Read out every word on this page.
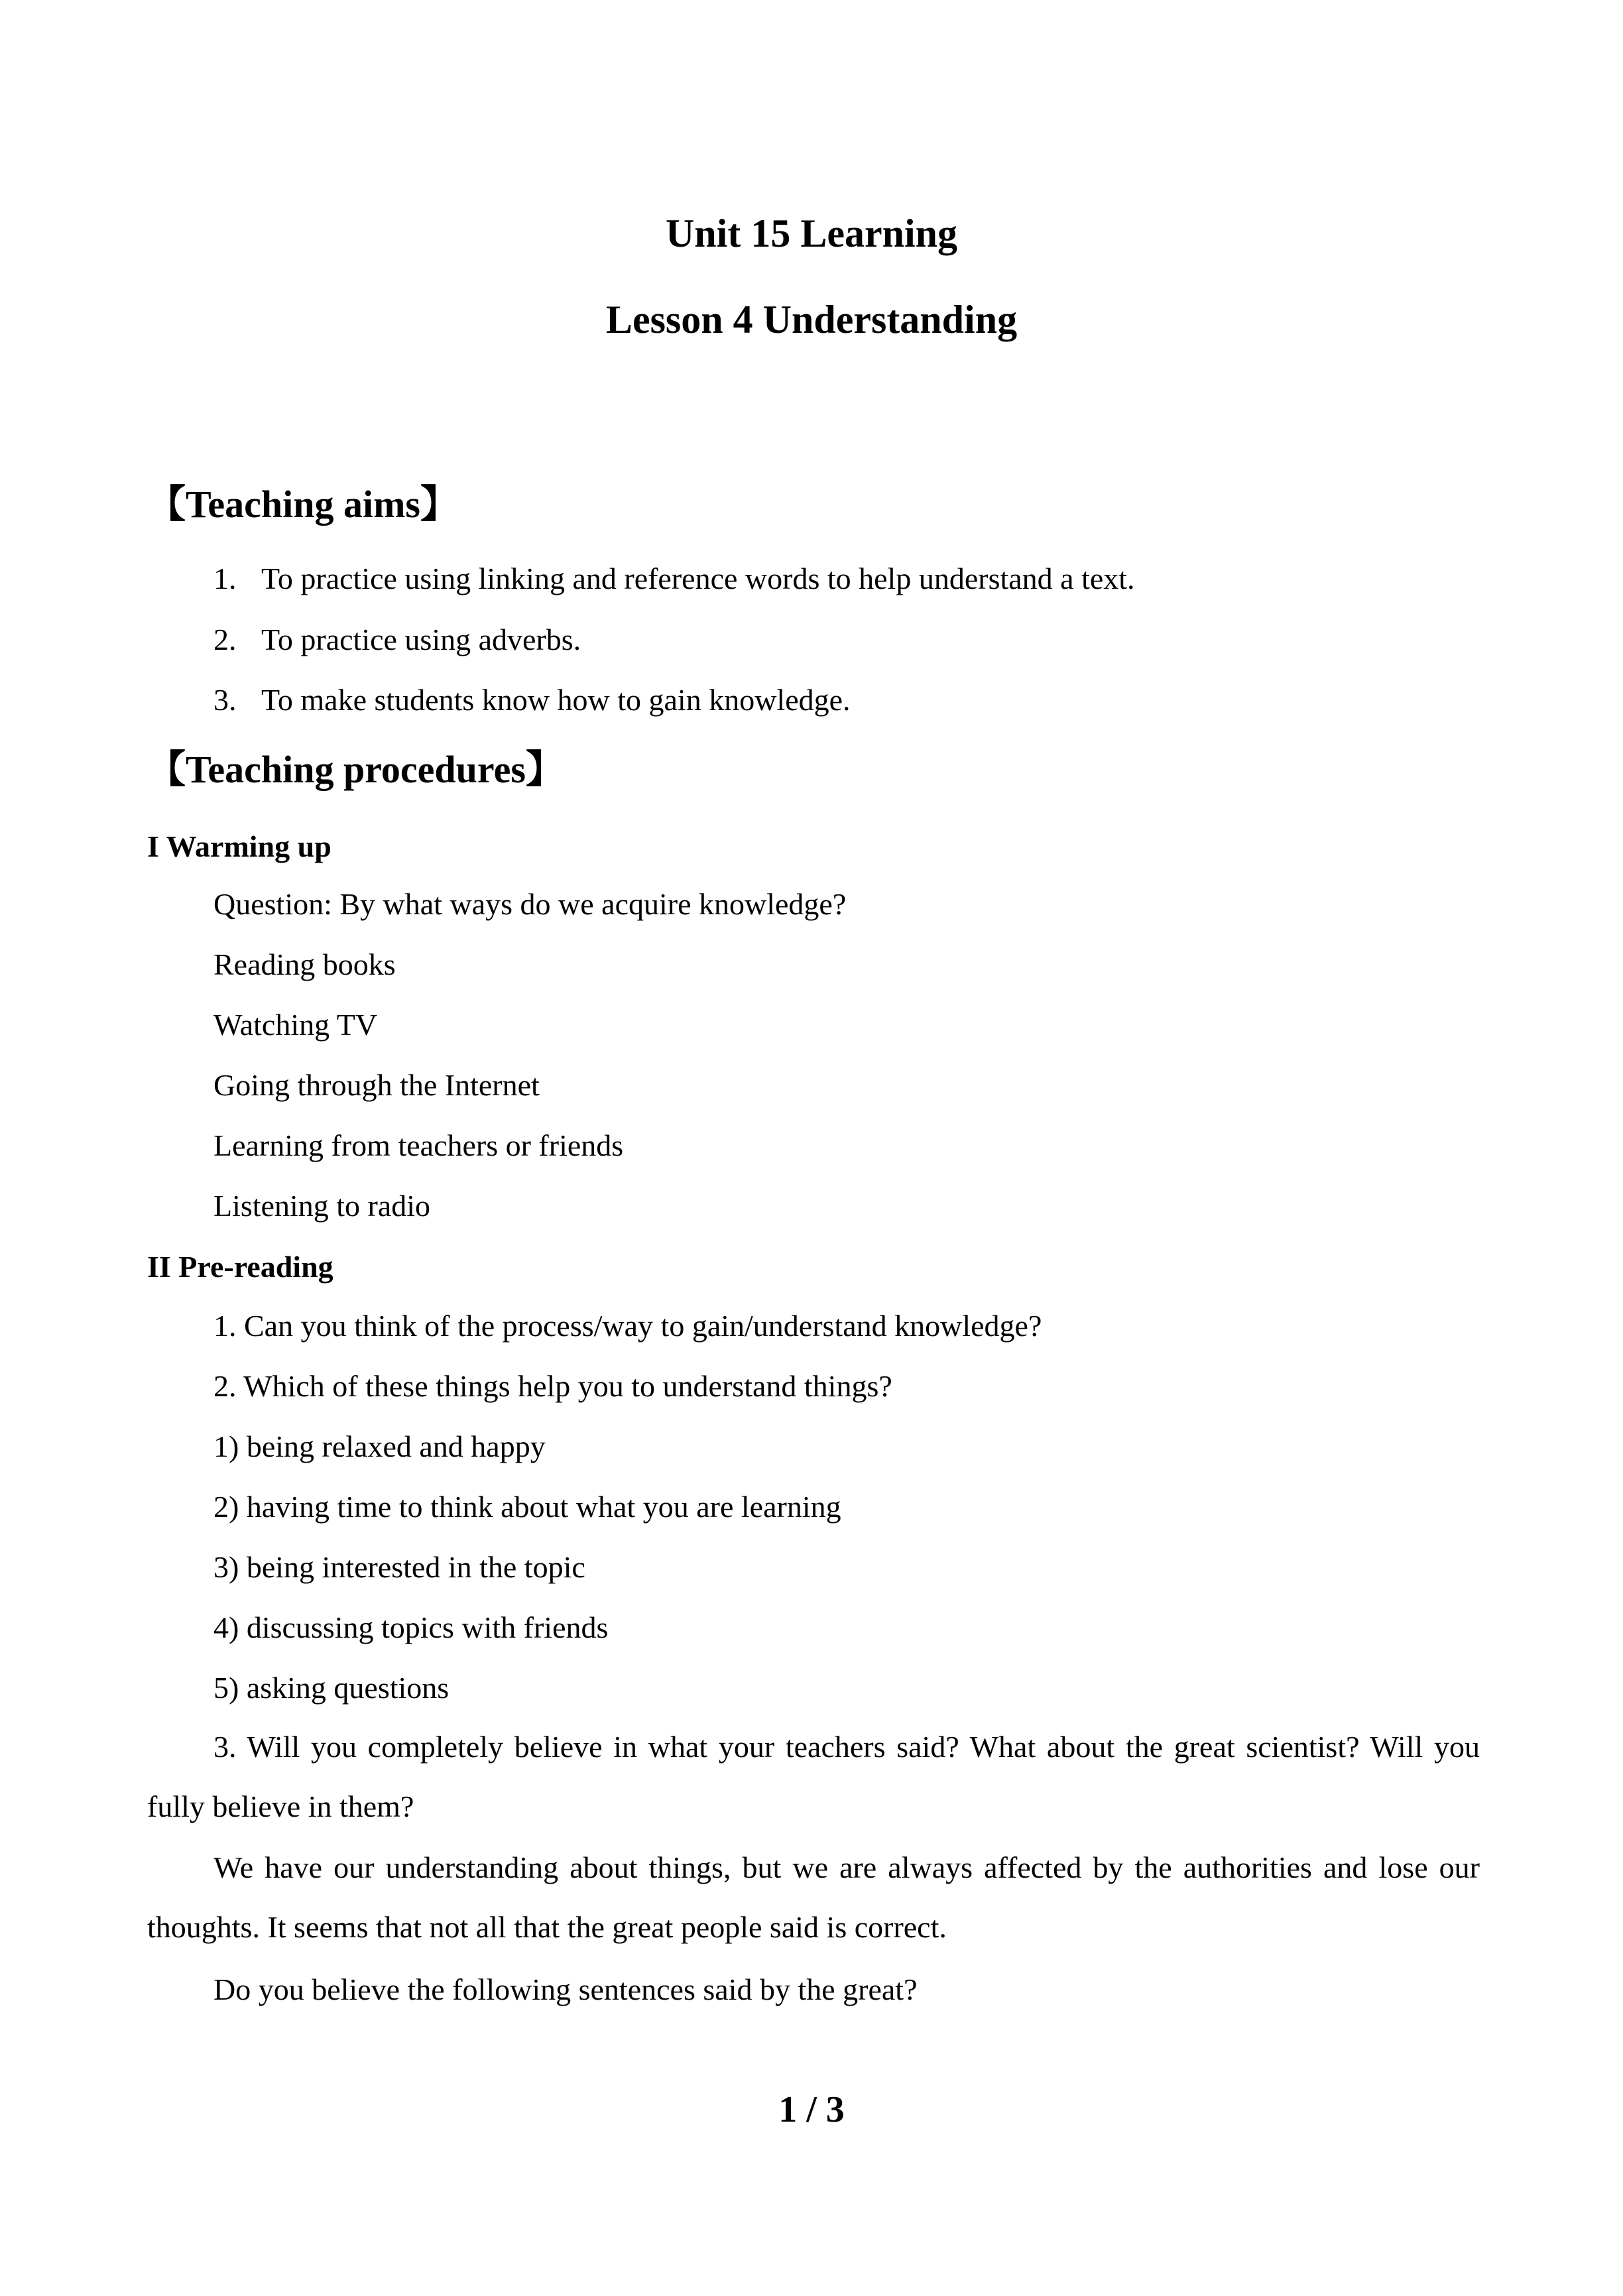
Unit 15 Learning
Lesson 4 Understanding
【Teaching aims】

1. To practice using linking and reference words to help understand a text.

2. To practice using adverbs.

3. To make students know how to gain knowledge.

【Teaching procedures】
I Warming up

Question: By what ways do we acquire knowledge?

Reading books

Watching TV

Going through the Internet

Learning from teachers or friends

Listening to radio

II Pre-reading

1. Can you think of the process/way to gain/understand knowledge?

2. Which of these things help you to understand things?

1) being relaxed and happy

2) having time to think about what you are learning

3) being interested in the topic

4) discussing topics with friends

5) asking questions

3. Will you completely believe in what your teachers said? What about the great scientist? Will you fully believe in them?

We have our understanding about things, but we are always affected by the authorities and lose our thoughts. It seems that not all that the great people said is correct.

Do you believe the following sentences said by the great?

1 / 3
